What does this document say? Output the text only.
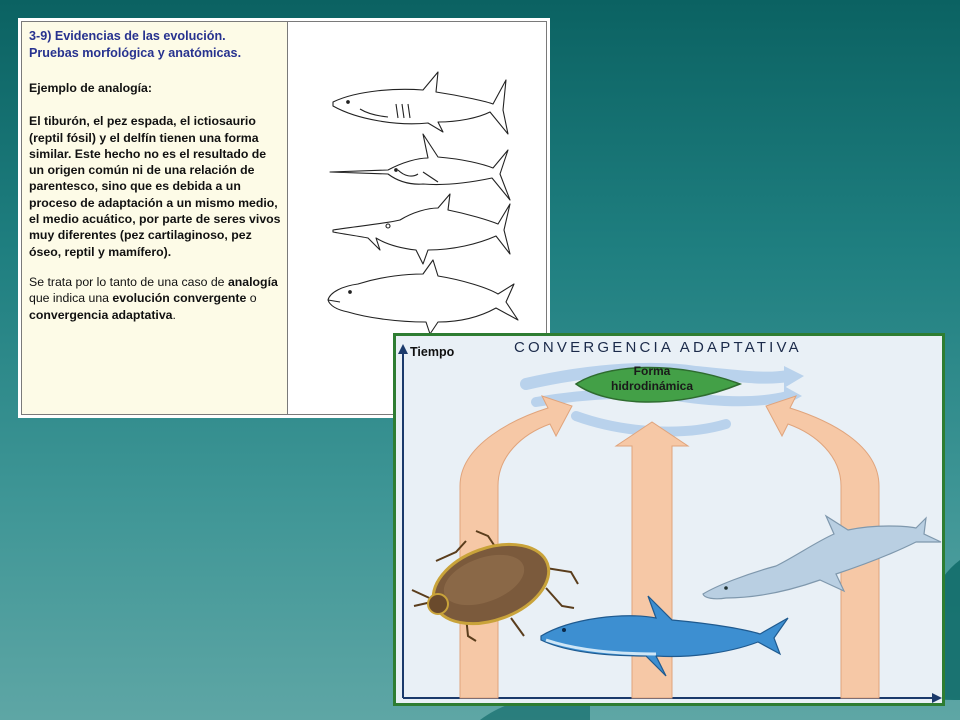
3-9) Evidencias de las evolución.
Pruebas morfológica y anatómicas.

Ejemplo de analogía:

El tiburón, el pez espada, el ictiosaurio (reptil fósil) y el delfín tienen una forma similar. Este hecho no es el resultado de un origen común ni de una relación de parentesco, sino que es debida a un proceso de adaptación a un mismo medio, el medio acuático, por parte de seres vivos muy diferentes (pez cartilaginoso, pez óseo, reptil y mamífero).

Se trata por lo tanto de una caso de analogía que indica una evolución convergente o convergencia adaptativa.

CONVERGENCIA ADAPTATIVA
Tiempo
Forma
hidrodinámica
